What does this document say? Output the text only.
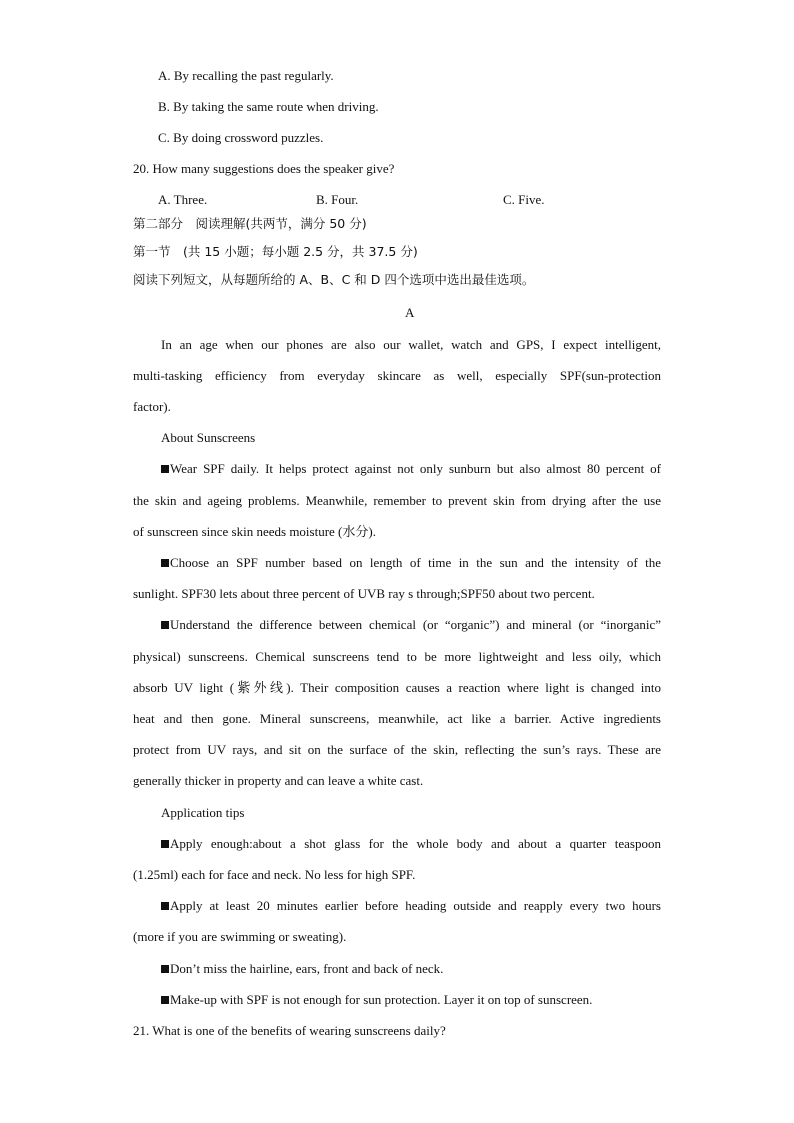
A. By recalling the past regularly.
B. By taking the same route when driving.
C. By doing crossword puzzles.
20. How many suggestions does the speaker give?
A. Three.	B. Four.	C. Five.
第二部分　阅读理解(共两节，满分 50 分)
第一节　(共 15 小题；每小题 2.5 分，共 37.5 分)
阅读下列短文，从每题所给的 A、B、C 和 D 四个选项中选出最佳选项。
A
In an age when our phones are also our wallet, watch and GPS, I expect intelligent,
multi-tasking efficiency from everyday skincare as well, especially SPF(sun-protection
factor).
About Sunscreens
Wear SPF daily. It helps protect against not only sunburn but also almost 80 percent of
the skin and ageing problems. Meanwhile, remember to prevent skin from drying after the use
of sunscreen since skin needs moisture (水分).
Choose an SPF number based on length of time in the sun and the intensity of the
sunlight. SPF30 lets about three percent of UVB ray s through;SPF50 about two percent.
Understand the difference between chemical (or “organic”) and mineral (or “inorganic”
physical) sunscreens. Chemical sunscreens tend to be more lightweight and less oily, which
absorb UV light (紫外线). Their composition causes a reaction where light is changed into
heat and then gone. Mineral sunscreens, meanwhile, act like a barrier. Active ingredients
protect from UV rays, and sit on the surface of the skin, reflecting the sun’s rays. These are
generally thicker in property and can leave a white cast.
Application tips
Apply enough:about a shot glass for the whole body and about a quarter teaspoon
(1.25ml) each for face and neck. No less for high SPF.
Apply at least 20 minutes earlier before heading outside and reapply every two hours
(more if you are swimming or sweating).
Don’t miss the hairline, ears, front and back of neck.
Make-up with SPF is not enough for sun protection. Layer it on top of sunscreen.
21. What is one of the benefits of wearing sunscreens daily?
